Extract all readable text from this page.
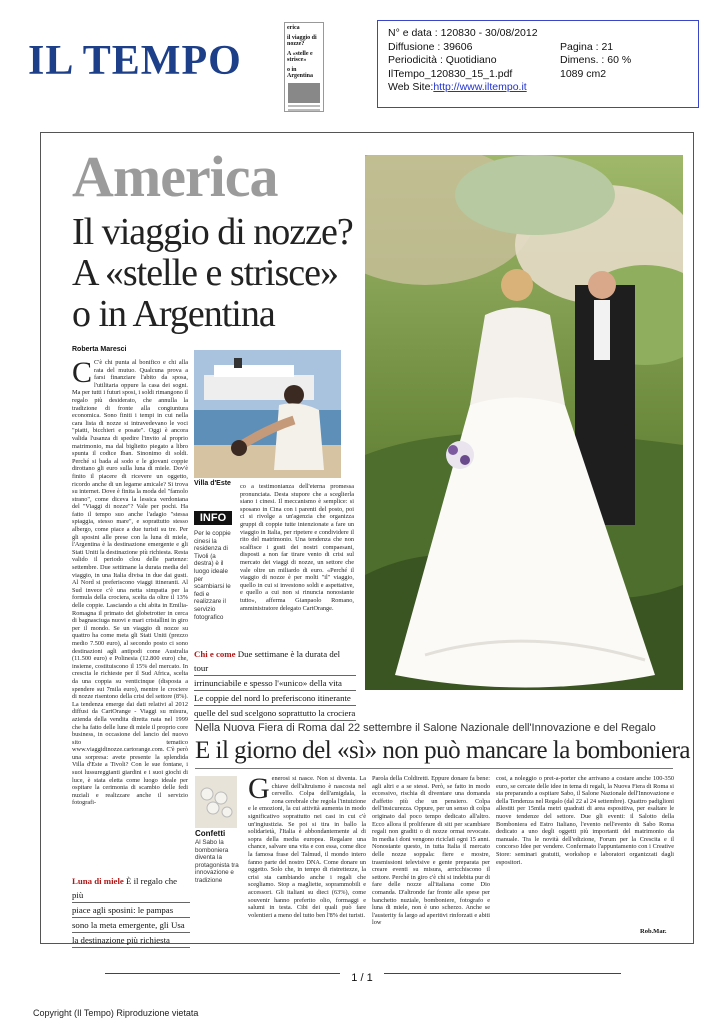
IL TEMPO
erica
il viaggio di nozze?
A «stelle e strisce»
o in Argentina
N° e data : 120830 - 30/08/2012
Diffusione : 39606	Pagina : 21
Periodicità : Quotidiano	Dimens. : 60 %
IlTempo_120830_15_1.pdf	1089 cm2
Web Site: http://www.iltempo.it
America
Il viaggio di nozze?
A «stelle e strisce»
o in Argentina
Roberta Maresci
C C'è chi punta al bonifico e chi alla rata del mutuo. Qualcuna prova a farsi finanziare l'abito da sposa, l'utilitaria oppure la casa dei sogni. Ma per tutti i futuri sposi, i soldi rimangono il regalo più desiderato, che annulla la tradizione di fronte alla congiuntura economica. Sono finiti i tempi in cui nella cara lista di nozze si intravedevano le voci "piatti, bicchieri e posate". Oggi è ancora valida l'usanza di spedire l'invito al proprio matrimonio, ma dal biglietto piegato a libro spunta il codice Iban. Sinonimo di soldi. Perché si bada al sodo e le giovani coppie dirottano gli euro sulla luna di miele. Dov'è finito il piacere di ricevere un oggetto, ricordo anche di un legame amicale? Si trova su internet. Dove è finita la moda del "famolo strano", come diceva la lessica verdoniana del "Viaggi di nozze"? Vale per pochi. Ha fatto il tempo suo anche l'adagio "stessa spiaggia, stesso mare", e soprattutto stesso albergo, come piace a due turisti su tre. Per gli sposini alle prese con la luna di miele, l'Argentina è la destinazione emergente e gli Stati Uniti la destinazione più richiesta. Resta valido il periodo clou delle partenze: settembre. Due settimane la durata media del viaggio, in una Italia divisa in due dai gusti. Al Nord si preferiscono viaggi itineranti. Al Sud invece c'è una netta simpatia per la formula della crociera, scelta da oltre il 13% delle coppie. Lasciando a chi abita in Emilia-Romagna il primato dei globetrotter in cerca di bagnasciuga nuovi e mari cristallini in giro per il mondo. Se un viaggio di nozze su quattro ha come meta gli Stati Uniti (prezzo medio 7.500 euro), al secondo posto ci sono destinazioni agli antipodi come Australia (11.500 euro) e Polinesia (12.800 euro) che, insieme, costituiscono il 15% del mercato. In crescita le richieste per il Sud Africa, scelta da una coppia su venticinque (disposta a spendere sui 7mila euro), mentre le crociere di nozze risentono della crisi del settore (8%). La tendenza emerge dai dati relativi al 2012 diffusi da CartOrange - Viaggi su misura, azienda della vendita diretta nata nel 1999 che ha fatto delle lune di miele il proprio core business, in occasione del lancio del nuovo sito tematico www.viaggidinozze.cartorange.com. C'è però una sorpresa: avete presente la splendida Villa d'Este a Tivoli? Con le sue fontane, i suoi lussureggianti giardini e i suoi giochi di luce, è stata eletta come luogo ideale per ospitare la cerimonia di scambio delle fedi nuziali e realizzare anche il servizio fotografi-
Villa d'Este
INFO
Per le coppie cinesi la residenza di Tivoli (a destra) è il luogo ideale per scambiarsi le fedi e realizzare il servizio fotografico
co a testimonianza dell'eterna promessa pronunciata. Desta stupore che a sceglierla siano i cinesi. Il meccanismo è semplice: si sposano in Cina con i parenti del posto, poi ci si rivolge a un'agenzia che organizza gruppi di coppie tutte intenzionate a fare un viaggio in Italia, per ripetere e condividere il rito del matrimonio. Una tendenza che non scalfisce i gusti dei nostri compaesani, disposti a non far tirare vento di crisi sul mercato dei viaggi di nozze, un settore che vale oltre un miliardo di euro. «Perché il viaggio di nozze è per molti "il" viaggio, quello in cui si investono soldi e aspettative, e quello a cui non si rinuncia nonostante tutto», afferma Gianpaolo Romano, amministratore delegato CartOrange.
Chi e come Due settimane è la durata del tour
irrinunciabile e spesso l'«unico» della vita
Le coppie del nord lo preferiscono itinerante
quelle del sud scelgono soprattutto la crociera
Luna di miele È il regalo che più
piace agli sposini: le pampas
sono la meta emergente, gli Usa
la destinazione più richiesta
Nella Nuova Fiera di Roma dal 22 settembre il Salone Nazionale dell'Innovazione e del Regalo
E il giorno del «sì» non può mancare la bomboniera
Confetti
Al Sabo la bomboniera diventa la protagonista tra innovazione e tradizione
Generosi si nasce. Non si diventa. La chiave dell'altruismo è nascosta nel cervello. Colpa dell'amigdala, la zona cerebrale che regola l'intuizione e le emozioni, la cui attività aumenta in modo significativo soprattutto nei casi in cui c'è un'ingiustizia. Se poi si tira in ballo la solidarietà, l'Italia è abbondantemente al di sopra della media europea. Regalare una chance, salvare una vita e con essa, come dice la famosa frase del Talmud, il mondo intero fanno parte del nostro DNA. Come donare un oggetto. Solo che, in tempo di ristrettezze, la crisi sta cambiando anche i regali che scegliamo. Stop a magliette, soprammobili e accessori. Gli italiani su dieci (63%), come souvenir hanno preferito olio, formaggi e salumi in testa. Cibi dei quali può fare volentieri a meno del tutto ben l'8% dei turisti.
Parola della Coldiretti. Eppure donare fa bene: agli altri e a se stessi. Però, se fatto in modo eccessivo, rischia di diventare una domanda d'affetto più che un pensiero. Colpa dell'insicurezza. Oppure, per un senso di colpa originato dal poco tempo dedicato all'altro. Ecco allora il proliferare di siti per scambiare regali non graditi o di nozze ormai revocate. In media i doni vengono riciclati ogni 15 anni. Nonostante questo, in tutta Italia il mercato delle nozze soppala: fiere e mostre, trasmissioni televisive e gente preparata per creare eventi su misura, arricchiscono il settore. Perché in giro c'è chi si indebita pur di fare delle nozze all'italiana come Dio comanda. D'altronde far fronte alle spese per banchetto nuziale, bomboniere, fotografo e luna di miele, non è uno scherzo. Anche se l'austerity fa largo ad aperitivi rinforzati e abiti low
cost, a noleggio o pret-a-porter che arrivano a costare anche 100-350 euro, se cercate delle idee in tema di regali, la Nuova Fiera di Roma si sta preparando a ospitare Sabo, il Salone Nazionale dell'Innovazione e della Tendenza nel Regalo (dal 22 al 24 settembre). Quattro padiglioni allestiti per 15mila metri quadrati di area espositiva, per esaltare le nuove tendenze del settore. Due gli eventi: il Salotto della Bomboniera ed Estro Italiano, l'evento nell'evento di Sabo Roma dedicato a uno degli oggetti più importanti del matrimonio da manuale. Tra le novità dell'edizione, Forum per la Crescita e il concorso Idee per vendere. Confermato l'appuntamento con i Creative Store: seminari gratuiti, workshop e laboratori organizzati dagli espositori.
Rob.Mar.
1 / 1
Copyright (Il Tempo) Riproduzione vietata
